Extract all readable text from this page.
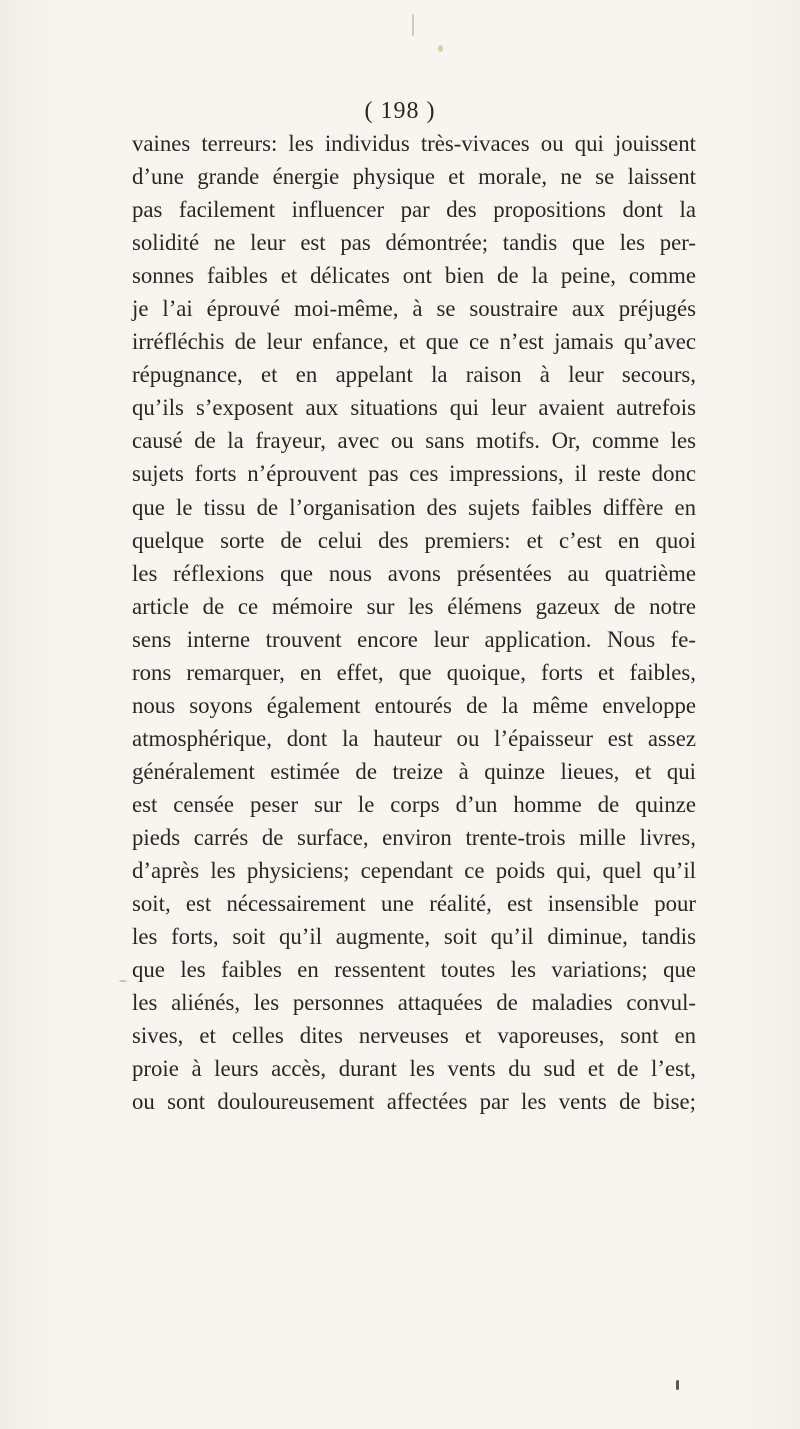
( 198 )
vaines terreurs: les individus très-vivaces ou qui jouissent
d’une grande énergie physique et morale, ne se laissent
pas facilement influencer par des propositions dont la
solidité ne leur est pas démontrée; tandis que les per-
sonnes faibles et délicates ont bien de la peine, comme
je l’ai éprouvé moi-même, à se soustraire aux préjugés
irréfléchis de leur enfance, et que ce n’est jamais qu’avec
répugnance, et en appelant la raison à leur secours,
qu’ils s’exposent aux situations qui leur avaient autrefois
causé de la frayeur, avec ou sans motifs. Or, comme les
sujets forts n’éprouvent pas ces impressions, il reste donc
que le tissu de l’organisation des sujets faibles diffère en
quelque sorte de celui des premiers: et c’est en quoi
les réflexions que nous avons présentées au quatrième
article de ce mémoire sur les élémens gazeux de notre
sens interne trouvent encore leur application. Nous fe-
rons remarquer, en effet, que quoique, forts et faibles,
nous soyons également entourés de la même enveloppe
atmosphérique, dont la hauteur ou l’épaisseur est assez
généralement estimée de treize à quinze lieues, et qui
est censée peser sur le corps d’un homme de quinze
pieds carrés de surface, environ trente-trois mille livres,
d’après les physiciens; cependant ce poids qui, quel qu’il
soit, est nécessairement une réalité, est insensible pour
les forts, soit qu’il augmente, soit qu’il diminue, tandis
que les faibles en ressentent toutes les variations; que
les aliénés, les personnes attaquées de maladies convul-
sives, et celles dites nerveuses et vaporeuses, sont en
proie à leurs accès, durant les vents du sud et de l’est,
ou sont douloureusement affectées par les vents de bise;
